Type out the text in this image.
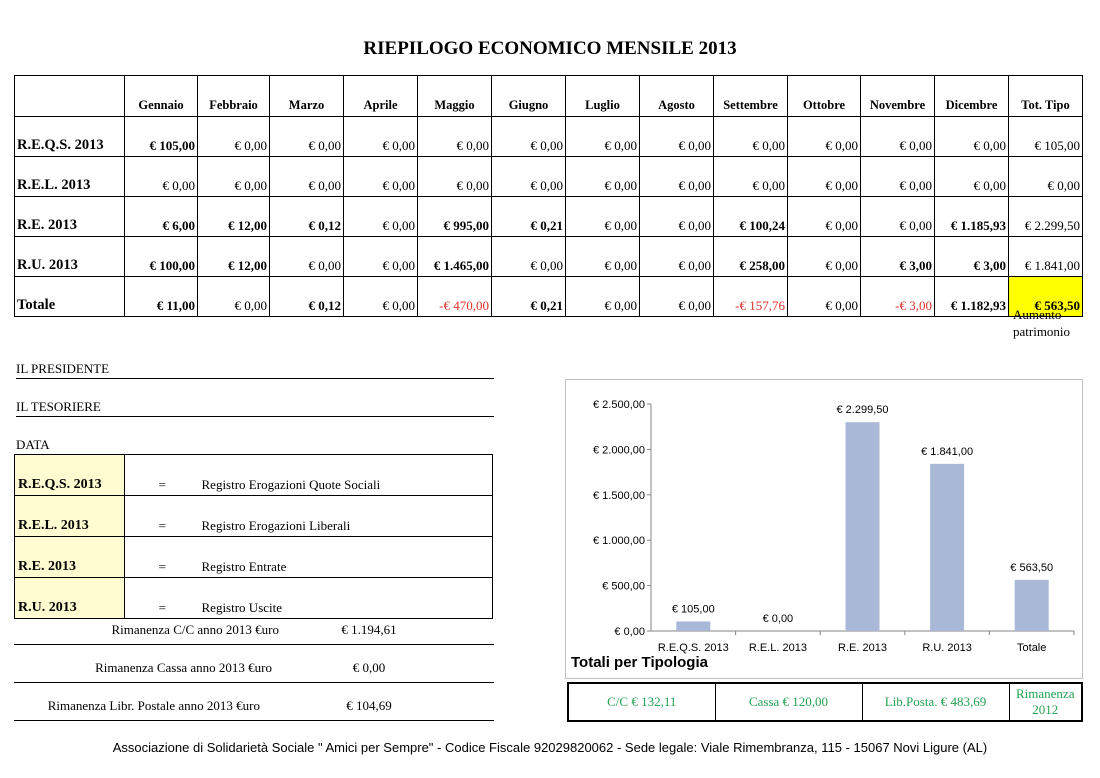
RIEPILOGO ECONOMICO MENSILE 2013
	Gennaio	Febbraio	Marzo	Aprile	Maggio	Giugno	Luglio	Agosto	Settembre	Ottobre	Novembre	Dicembre	Tot. Tipo
R.E.Q.S. 2013	€ 105,00	€ 0,00	€ 0,00	€ 0,00	€ 0,00	€ 0,00	€ 0,00	€ 0,00	€ 0,00	€ 0,00	€ 0,00	€ 0,00	€ 105,00
R.E.L. 2013	€ 0,00	€ 0,00	€ 0,00	€ 0,00	€ 0,00	€ 0,00	€ 0,00	€ 0,00	€ 0,00	€ 0,00	€ 0,00	€ 0,00	€ 0,00
R.E. 2013	€ 6,00	€ 12,00	€ 0,12	€ 0,00	€ 995,00	€ 0,21	€ 0,00	€ 0,00	€ 100,24	€ 0,00	€ 0,00	€ 1.185,93	€ 2.299,50
R.U. 2013	€ 100,00	€ 12,00	€ 0,00	€ 0,00	€ 1.465,00	€ 0,00	€ 0,00	€ 0,00	€ 258,00	€ 0,00	€ 3,00	€ 3,00	€ 1.841,00
Totale	€ 11,00	€ 0,00	€ 0,12	€ 0,00	-€ 470,00	€ 0,21	€ 0,00	€ 0,00	-€ 157,76	€ 0,00	-€ 3,00	€ 1.182,93	€ 563,50
Aumento patrimonio
IL PRESIDENTE
IL TESORIERE
DATA
R.E.Q.S. 2013	=	Registro Erogazioni Quote Sociali
R.E.L. 2013	=	Registro Erogazioni Liberali
R.E. 2013	=	Registro Entrate
R.U. 2013	=	Registro Uscite
Rimanenza C/C anno 2013 €uro	€ 1.194,61
Rimanenza Cassa anno 2013 €uro	€ 0,00
Rimanenza Libr. Postale anno 2013 €uro	€ 104,69
€ 0,00
€ 500,00
€ 1.000,00
€ 1.500,00
€ 2.000,00
€ 2.500,00
€ 105,00
R.E.Q.S. 2013
€ 0,00
R.E.L. 2013
€ 2.299,50
R.E. 2013
€ 1.841,00
R.U. 2013
€ 563,50
Totale
Totali per Tipologia
C/C € 132,11	Cassa € 120,00	Lib.Posta. € 483,69	Rimanenza 2012
Associazione di Solidarietà Sociale " Amici per Sempre" - Codice Fiscale 92029820062 - Sede legale: Viale Rimembranza, 115 - 15067 Novi Ligure (AL)
